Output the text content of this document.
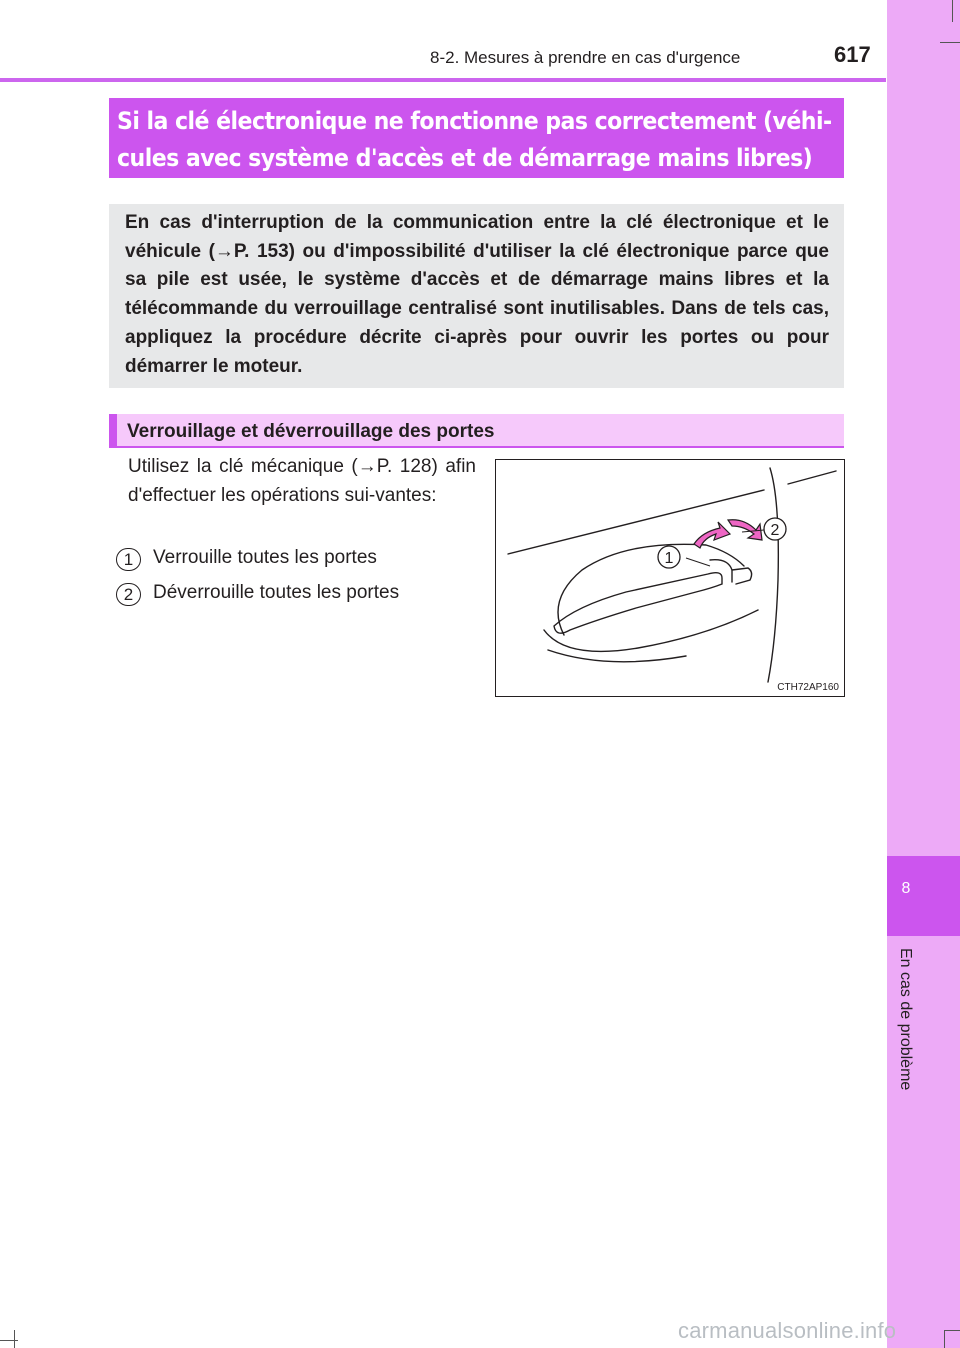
8-2. Mesures à prendre en cas d'urgence	617
8
En cas de problème
Si la clé électronique ne fonctionne pas correctement (véhi-cules avec système d'accès et de démarrage mains libres)
En cas d'interruption de la communication entre la clé électronique et le véhicule (→P. 153) ou d'impossibilité d'utiliser la clé électronique parce que sa pile est usée, le système d'accès et de démarrage mains libres et la télécommande du verrouillage centralisé sont inutilisables. Dans de tels cas, appliquez la procédure décrite ci-après pour ouvrir les portes ou pour démarrer le moteur.
Verrouillage et déverrouillage des portes
Utilisez la clé mécanique (→P. 128) afin d'effectuer les opérations sui-vantes:
1	Verrouille toutes les portes
2	Déverrouille toutes les portes
1
2
CTH72AP160
carmanualsonline.info
